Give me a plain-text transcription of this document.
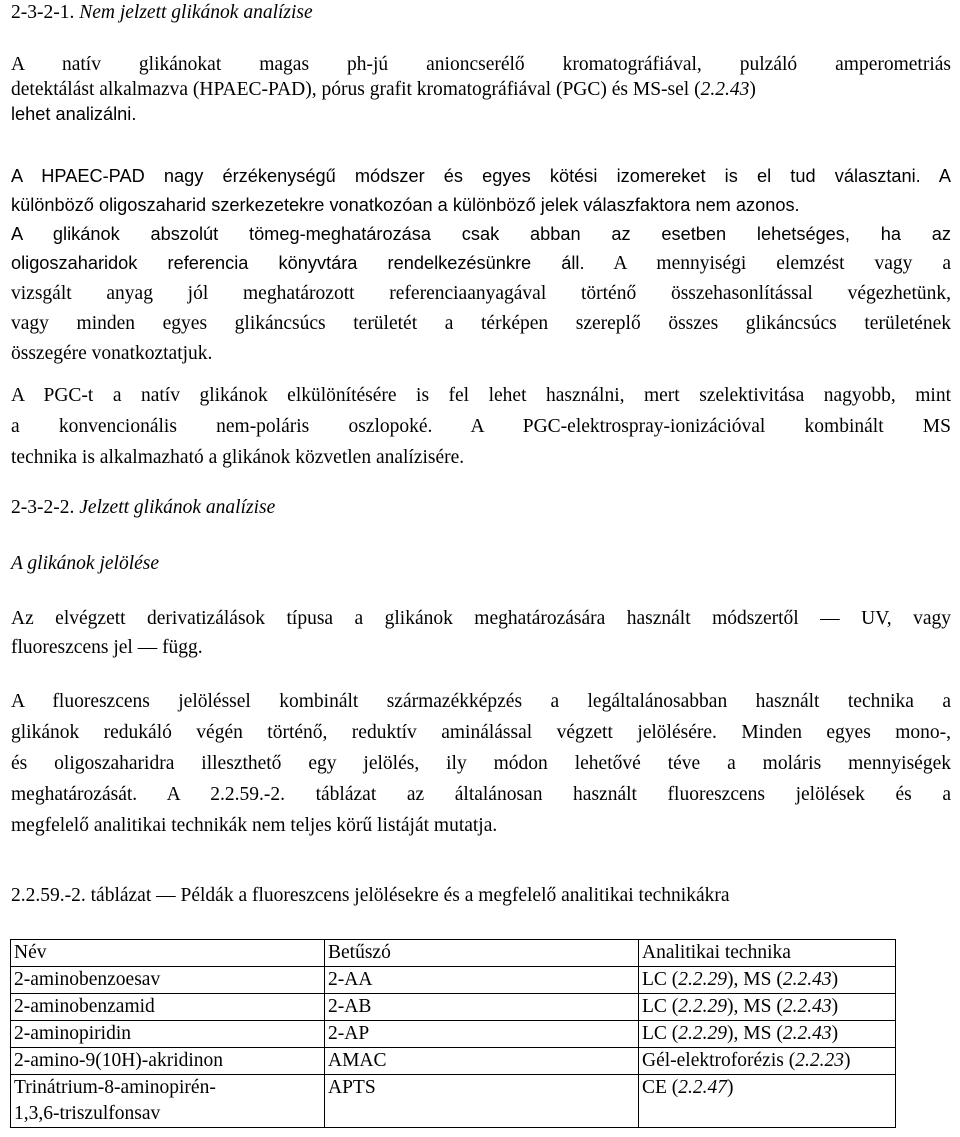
2-3-2-1. Nem jelzett glikánok analízise

A natív glikánokat magas ph-jú anioncserélő kromatográfiával, pulzáló amperometriás

detektálást alkalmazva (HPAEC-PAD), pórus grafit kromatográfiával (PGC) és MS-sel (2.2.43)

lehet analizálni.

A HPAEC-PAD nagy érzékenységű módszer és egyes kötési izomereket is el tud választani. A

különböző oligoszaharid szerkezetekre vonatkozóan a különböző jelek válaszfaktora nem azonos.

A glikánok abszolút tömeg-meghatározása csak abban az esetben lehetséges, ha az

oligoszaharidok referencia könyvtára rendelkezésünkre áll. A mennyiségi elemzést vagy a

vizsgált anyag jól meghatározott referenciaanyagával történő összehasonlítással végezhetünk,

vagy minden egyes glikáncsúcs területét a térképen szereplő összes glikáncsúcs területének

összegére vonatkoztatjuk.

A PGC-t a natív glikánok elkülönítésére is fel lehet használni, mert szelektivitása nagyobb, mint

a konvencionális nem-poláris oszlopoké. A PGC-elektrospray-ionizációval kombinált MS

technika is alkalmazható a glikánok közvetlen analízisére.

2-3-2-2. Jelzett glikánok analízise
A glikánok jelölése

Az elvégzett derivatizálások típusa a glikánok meghatározására használt módszertől — UV, vagy

fluoreszcens jel — függ.

A fluoreszcens jelöléssel kombinált származékképzés a legáltalánosabban használt technika a

glikánok redukáló végén történő, reduktív aminálással végzett jelölésére. Minden egyes mono-,

és oligoszaharidra illeszthető egy jelölés, ily módon lehetővé téve a moláris mennyiségek

meghatározását. A 2.2.59.-2. táblázat az általánosan használt fluoreszcens jelölések és a

megfelelő analitikai technikák nem teljes körű listáját mutatja.

2.2.59.-2. táblázat — Példák a fluoreszcens jelölésekre és a megfelelő analitikai technikákra
Név	Betűszó	Analitikai technika
2-aminobenzoesav	2-AA	LC (2.2.29), MS (2.2.43)
2-aminobenzamid	2-AB	LC (2.2.29), MS (2.2.43)
2-aminopiridin	2-AP	LC (2.2.29), MS (2.2.43)
2-amino-9(10H)-akridinon	AMAC	Gél-elektroforézis (2.2.23)
Trinátrium-8-aminopirén-
1,3,6-triszulfonsav	APTS	CE (2.2.47)
